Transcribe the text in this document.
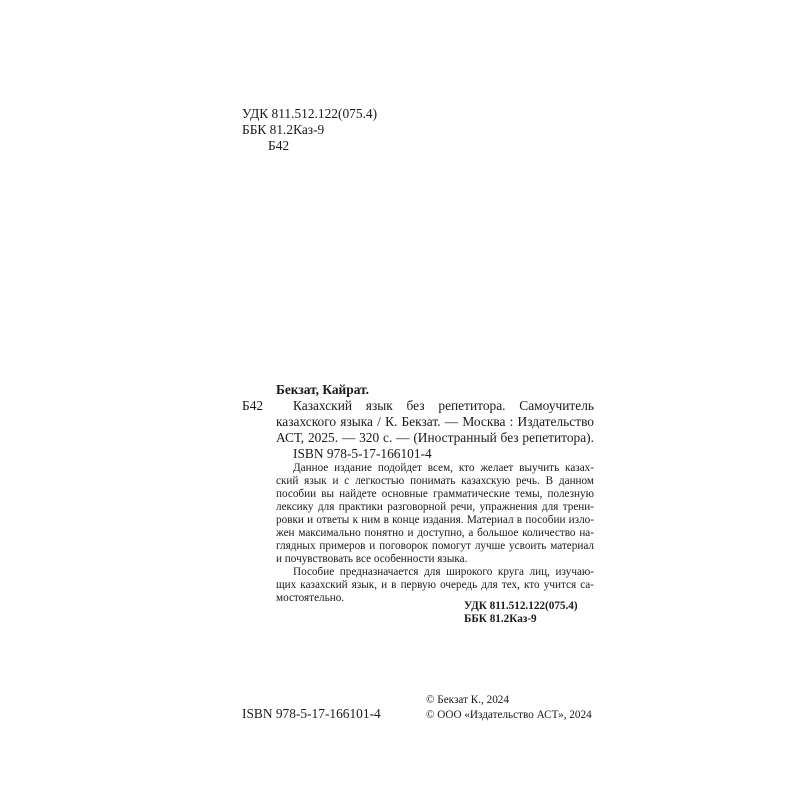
УДК 811.512.122(075.4)
ББК 81.2Каз-9
Б42
Бекзат, Кайрат.
Б42 Казахский язык без репетитора. Самоучитель
казахского языка / К. Бекзат. — Москва : Издательство
АСТ, 2025. — 320 с. — (Иностранный без репетитора).
ISBN 978-5-17-166101-4
Данное издание подойдет всем, кто желает выучить казах-
ский язык и с легкостью понимать казахскую речь. В данном
пособии вы найдете основные грамматические темы, полезную
лексику для практики разговорной речи, упражнения для трени-
ровки и ответы к ним в конце издания. Материал в пособии изло-
жен максимально понятно и доступно, а большое количество на-
глядных примеров и поговорок помогут лучше усвоить материал
и почувствовать все особенности языка.
Пособие предназначается для широкого круга лиц, изучаю-
щих казахский язык, и в первую очередь для тех, кто учится са-
мостоятельно.
УДК 811.512.122(075.4)
ББК 81.2Каз-9
ISBN 978-5-17-166101-4
© Бекзат К., 2024
© ООО «Издательство АСТ», 2024
